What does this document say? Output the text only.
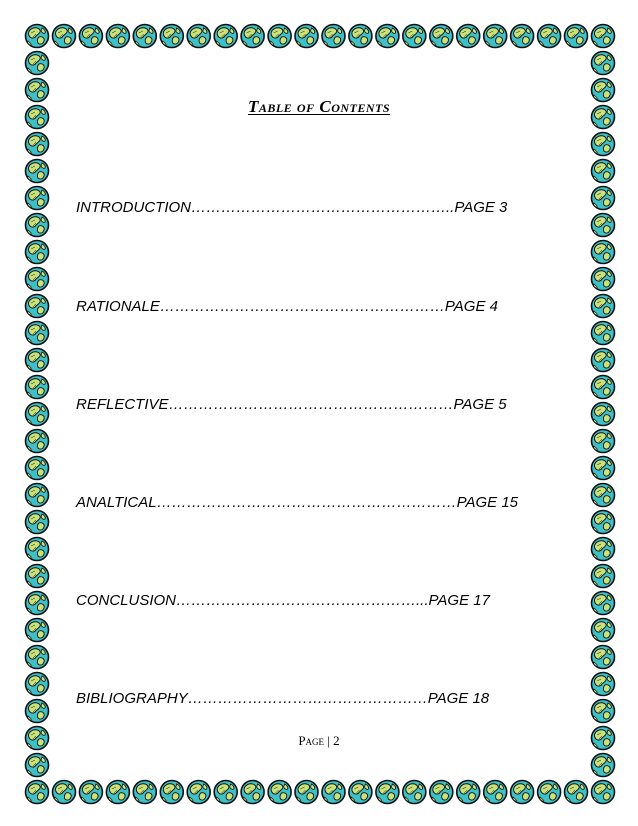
Table of Contents
INTRODUCTION……………………………………………..PAGE 3
RATIONALE…………………………………………………PAGE 4
REFLECTIVE…………………………………………………PAGE 5
ANALTICAL……………………………………………………PAGE 15
CONCLUSION…………………………………………...PAGE 17
BIBLIOGRAPHY…………………………………………PAGE 18
Page | 2
